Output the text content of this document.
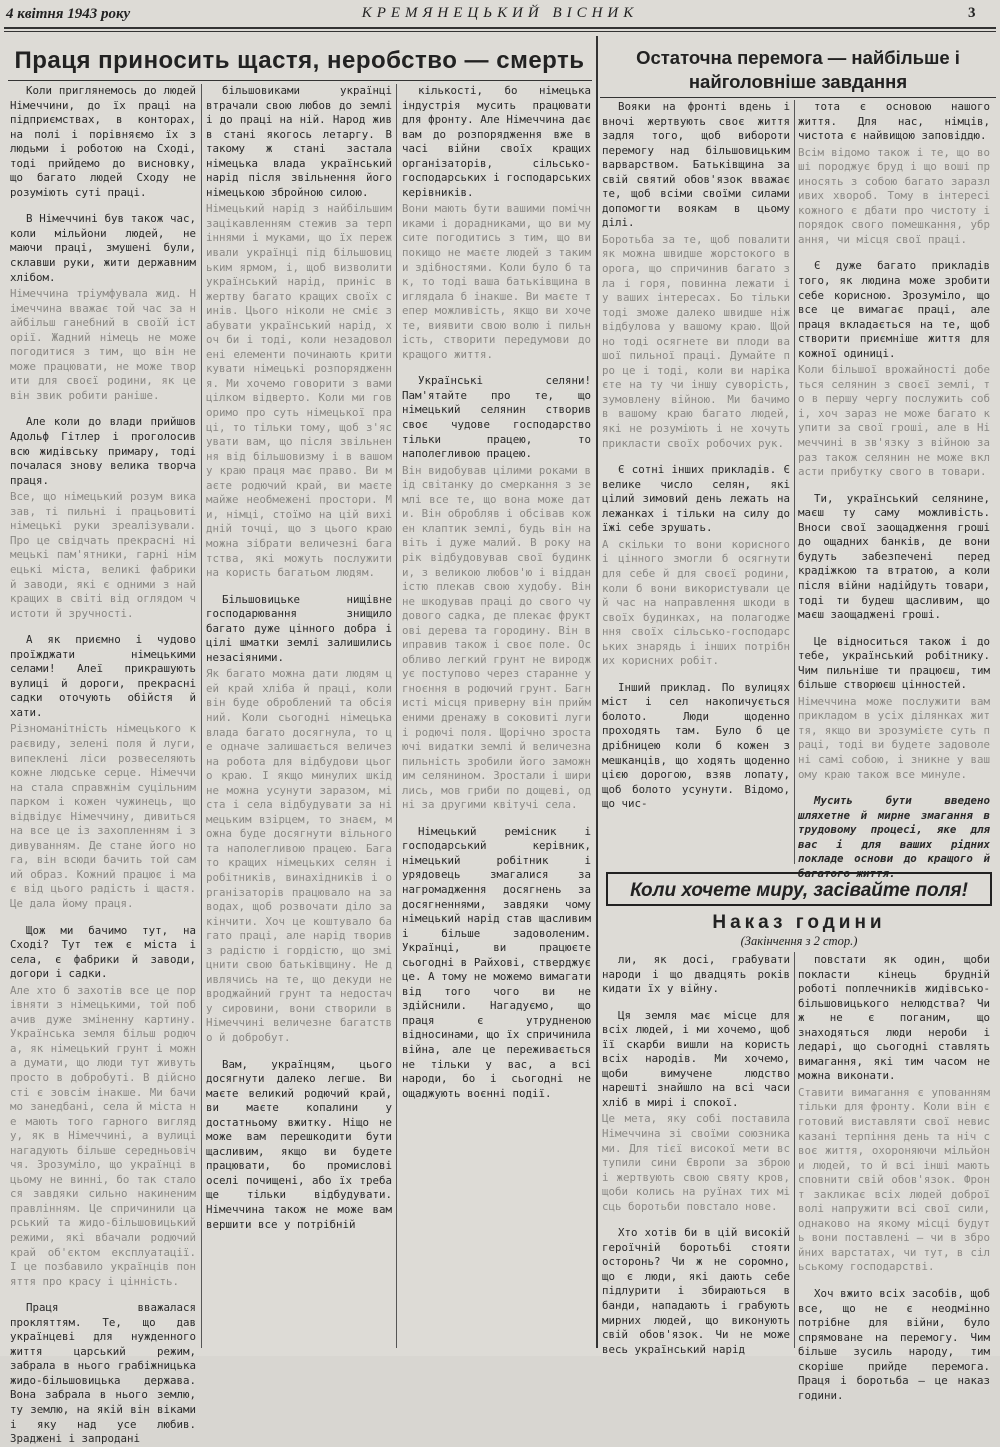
4 квітня 1943 року	КРЕМЯНЕЦЬКИЙ ВІСНИК	3
Праця приносить щастя, неробство — смерть	Остаточна перемога — найбільше і найголовніше завдання

Коли приглянемось до людей Німеччини, до їх праці на підприємствах, в конторах, на полі і порівняємо їх з людьми і роботою на Сході, тоді прийдемо до висновку, що багато людей Сходу не розуміють суті праці.

В Німеччині був також час, коли мільйони людей, не маючи праці, змушені були, склавши руки, жити державним хлібом.

Німеччина тріумфувала жид. Німеччина вважає той час за найбільш ганебний в своїй історії. Жадний німець не може погодитися з тим, що він не може працювати, не може творити для своєї родини, як це він звик робити раніше.

Але коли до влади прийшов Адольф Гітлер і проголосив всю жидівську примару, тоді почалася знову велика творча праця.

Все, що німецький розум виказав, ті пильні і працьовиті німецькі руки зреалізували. Про це свідчать прекрасні німецькі пам'ятники, гарні німецькі міста, великі фабрики й заводи, які є одними з найкращих в світі від оглядом чистоти й зручності.

А як приємно і чудово проїжджати німецькими селами! Алеї прикрашують вулиці й дороги, прекрасні садки оточують обійстя й хати.

Різноманітність німецького краєвиду, зелені поля й луги, випеклені ліси розвеселяють кожне людське серце. Німеччина стала справжнім суцільним парком і кожен чужинець, що відвідує Німеччину, дивиться на все це із захопленням і здивуванням. Де стане його нога, він всюди бачить той самий образ. Кожний працює і має від цього радість і щастя. Це дала йому праця.

Щож ми бачимо тут, на Сході? Тут теж є міста і села, є фабрики й заводи, догори і садки.

Але хто б захотів все це порівняти з німецькими, той побачив дуже зміненну картину. Українська земля більш родюча, як німецький грунт і можна думати, що люди тут живуть просто в добробуті. В дійсності є зовсім інакше. Ми бачимо занедбані, села й міста не мають того гарного вигляду, як в Німеччині, а вулиці нагадують більше середньовіччя. Зрозуміло, що українці в цьому не винні, бо так сталося завдяки сильно накиненим правлінням. Це спричинили царський та жидо-більшовицький режими, які вбачали родючий край об'єктом експлуатації. І це позбавило українців поняття про красу і цінність.

Праця вважалася прокляттям. Те, що дав українцеві для нужденного життя царський режим, забрала в нього грабіжницька жидо-більшовицька держава. Вона забрала в нього землю, ту землю, на якій він віками і яку над усе любив. Зрадженi і запродані

більшовиками українці втрачали свою любов до землі і до праці на ній. Народ жив в стані якогось летаргу. В такому ж стані застала німецька влада український нарід після звільнення його німецькою збройною силою.

Німецький нарід з найбільшим зацікавленням стежив за терпіннями і муками, що їх переживали українці під більшовицьким ярмом, і, щоб визволити український нарід, приніс в жертву багато кращих своїх синів. Цього ніколи не сміє забувати український нарід, хоч би і тоді, коли незадоволені елементи починають критикувати німецькі розпорядження. Ми хочемо говорити з вами цілком відверто. Коли ми говоримо про суть німецької праці, то тільки тому, щоб з'ясувати вам, що після звільнення від більшовизму і в вашому краю праця має право. Ви маєте родючий край, ви маєте майже необмежені простори. Ми, німці, стоїмо на цій вихідній точці, що з цього краю можна зібрати величезні багатства, які можуть послужити на користь багатьом людям.

Більшовицьке нищівне господарювання знищило багато дуже цінного добра і цілі шматки землі залишились незасіяними.

Як багато можна дати людям цей край хліба й праці, коли він буде оброблений та обсіяний. Коли сьогодні німецька влада багато досягнула, то це одначе залишається величезна робота для відбудови цього краю. І якщо минулих шкід не можна усунути заразом, міста і села відбудувати за німецьким взірцем, то знаєм, можна буде досягнути вільного та наполегливою працею. Багато кращих німецьких селян і робітників, винахідників і організаторів працювало на заводах, щоб розвочати діло закінчити. Хоч це коштувало багато праці, але нарід творив з радістю і гордістю, що зміцнити свою батьківщину. Не дивлячись на те, що декуди невроджайний грунт та недостачу сировини, вони створили в Німеччині величезне багатство й добробут.

Вам, українцям, цього досягнути далеко легше. Ви маєте великий родючий край, ви маєте копалини у достатньому вжитку. Ніщо не може вам перешкодити бути щасливим, якщо ви будете працювати, бо промислові оселі почищені, або їх треба ще тільки відбудувати. Німеччина також не може вам вершити все у потрібній

кількості, бо німецька індустрія мусить працювати для фронту. Але Німеччина дає вам до розпорядження вже в часі війни своїх кращих організаторів, сільсько-господарських і господарських керівників.

Вони мають бути вашими помічниками і дорадниками, що ви мусите погодитись з тим, що ви покищо не маєте людей з такими здібностями. Коли було б так, то тоді ваша батьківщина виглядала б інакше. Ви маєте тепер можливість, якщо ви хочете, виявити свою волю і пильність, створити передумови до кращого життя.

Українські селяни! Пам'ятайте про те, що німецький селянин створив своє чудове господарство тільки працею, то наполегливою працею.

Він видобував цілими роками від світанку до смеркання з землі все те, що вона може дати. Він обробляв і обсівав кожен клаптик землі, будь він навіть і дуже малий. В року на рік відбудовував свої будинки, з великою любов'ю і відданістю плекав свою худобу. Він не шкодував праці до свого чудового садка, де плекає фруктові дерева та городину. Він виправив також і своє поле. Особливо легкий грунт не вироджує поступово через старанне угноєння в родючий грунт. Багнисті місця приверну він прийменими дренажу в соковиті луги і родючі поля. Щорічно зростаючі видатки землі й величезна пильність зробили його заможним селянином. Зростали і ширились, мов гриби по дощеві, одні за другими квітучі села.

Німецький ремісник і господарський керівник, німецький робітник і урядовець змагалися за нагромадження досягнень за досягненнями, завдяки чому німецький нарід став щасливим і більше задоволеним. Українці, ви працюєте сьогодні в Райхові, стверджує це. А тому не можемо вимагати від того чого ви не здійснили. Нагадуємо, що праця є утрудненою відносинами, що їх спричинила війна, але це переживається не тільки у вас, а всі народи, бо і сьогодні не ощаджують воєнні події.

Вояки на фронті вдень і вночі жертвують своє життя задля того, щоб вибороти перемогу над більшовицьким варварством. Батьківщина за свій святий обов'язок вважає те, щоб всіми своїми силами допомогти воякам в цьому ділі.

Боротьба за те, щоб повалити як можна швидше жорстокого ворога, що спричинив багато зла і горя, повинна лежати і у ваших інтересах. Бо тільки тоді зможе далеко швидше ніж відбулова у вашому краю. Щойно тоді осягнете ви плоди вашої пильної праці. Думайте про це і тоді, коли ви нарікаєте на ту чи іншу суворість, зумовлену війною. Ми бачимо в вашому краю багато людей, які не розуміють і не хочуть прикласти своїх робочих рук.

Є сотні інших прикладів. Є велике число селян, які цілий зимовий день лежать на лежанках і тільки на силу до їжі себе зрушать.

А скільки то вони корисного і цінного змогли б осягнути для себе й для своєї родини, коли б вони використували цей час на направлення шкоди в своїх будинках, на полагодження своїх сільсько-господарських знарядь і інших потрібних корисних робіт.

Інший приклад. По вулицях міст і сел накопичується болото. Люди щоденно проходять там. Було б це дрібницею коли б кожен з мешканців, що ходять щоденно цією дорогою, взяв лопату, щоб болото усунути. Відомо, що чис-

тота є основою нашого життя. Для нас, німців, чистота є найвищою заповіддю.

Всім відомо також і те, що вошi породжує бруд і що вошi приносять з собою багато заразливих хвороб. Тому в інтересі кожного є дбати про чистоту і порядок свого помешкання, убрання, чи місця свої праці.

Є дуже багато прикладів того, як людина може зробити себе корисною. Зрозуміло, що все це вимагає праці, але праця вкладається на те, щоб створити приємніше життя для кожної одиниці.

Коли більшої врожайності добеться селянин з своєї землі, то в першу чергу послужить собі, хоч зараз не може багато купити за свої гроші, але в Німеччині в зв'язку з війною зараз також селянин не може вкласти прибутку свого в товари.

Ти, український селянине, маєш ту саму можливість. Вноси свої заощадження гроші до ощадних банків, де вони будуть забезпечені перед крадіжкою та втратою, а коли після війни надійдуть товари, тоді ти будеш щасливим, що маєш заощаджені гроші.

Це відноситься також і до тебе, український робітнику. Чим пильніше ти працюєш, тим більше створюєш цінностей.

Німеччина може послужити вам прикладом в усіх ділянках життя, якщо ви зрозумієте суть праці, тоді ви будете задоволені самі собою, і зникне у вашому краю також все минуле.

Мусить бути введено шляхетне й мирне змагання в трудовому процесі, яке для вас і для ваших рідних покладе основи до кращого й багатого життя.

Коли хочете миру, засівайте поля!
Наказ години
(Закінчення з 2 стор.)

ли, як досі, грабувати народи і що двадцять років кидати їх у війну.

Ця земля має місце для всіх людей, і ми хочемо, щоб її скарби вишли на користь всіх народів. Ми хочемо, щоби вимучене людство нарешті знайшло на всі часи хліб в мирі і спокої.

Це мета, яку собі поставила Німеччина зі своїми союзниками. Для тієї високої мети вступили сини Європи за зброю і жертвують свою святу кров, щоби колись на руїнах тих місць боротьби повстало нове.

Хто хотів би в цій високій героїчній боротьбі стояти осторонь? Чи ж не соромно, що є люди, які дають себе підлурити і збираються в банди, нападають і грабують мирних людей, що виконують свій обов'язок. Чи не може весь український нарід

повстати як один, щоби покласти кінець брудній роботі поплечників жидівсько-більшовицького нелюдства? Чи ж не є поганим, що знаходяться люди нероби і ледарі, що сьогодні ставлять вимагання, які тим часом не можна виконати.

Ставити вимагання є упованням тільки для фронту. Коли він є готовий виставляти свої невисказані терпіння день та ніч своє життя, охороняючи мільйони людей, то й всі інші мають сповнити свій обов'язок. Фронт закликає всіх людей доброї волі напружити всі свої сили, однаково на якому місці будуть вони поставлені — чи в збройних варстатах, чи тут, в сільському господарстві.

Хоч вжито всіх засобів, щоб все, що не є неодмінно потрібне для війни, було спрямоване на перемогу. Чим більше зусиль народу, тим скоріше прийде перемога. Праця і боротьба — це наказ години.
